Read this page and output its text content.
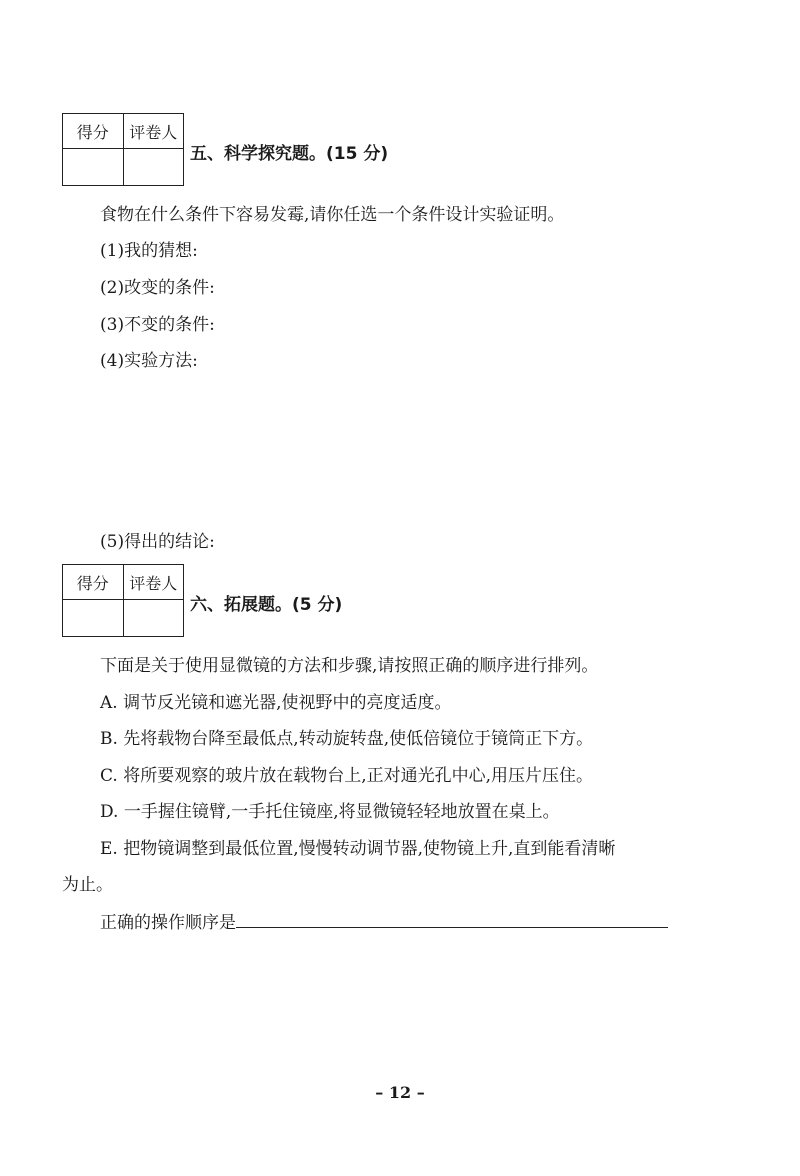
得分	评卷人

五、科学探究题。(15 分)
食物在什么条件下容易发霉,请你任选一个条件设计实验证明。
(1)我的猜想:
(2)改变的条件:
(3)不变的条件:
(4)实验方法:
(5)得出的结论:
得分	评卷人

六、拓展题。(5 分)
下面是关于使用显微镜的方法和步骤,请按照正确的顺序进行排列。
A. 调节反光镜和遮光器,使视野中的亮度适度。
B. 先将载物台降至最低点,转动旋转盘,使低倍镜位于镜筒正下方。
C. 将所要观察的玻片放在载物台上,正对通光孔中心,用压片压住。
D. 一手握住镜臂,一手托住镜座,将显微镜轻轻地放置在桌上。
E. 把物镜调整到最低位置,慢慢转动调节器,使物镜上升,直到能看清晰
为止。
正确的操作顺序是
– 12 –
